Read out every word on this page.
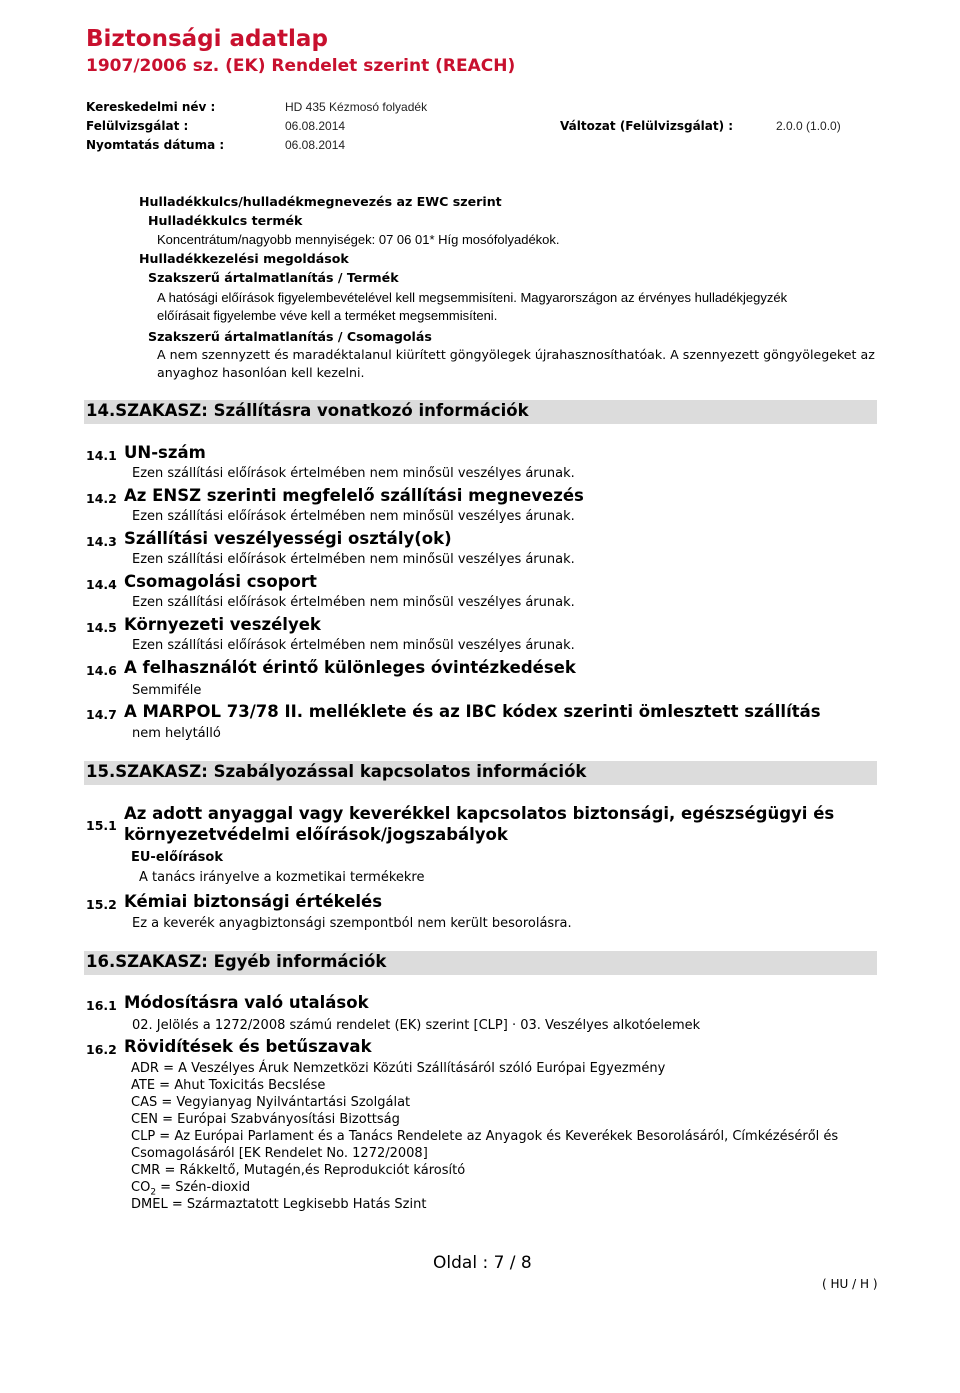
Biztonsági adatlap
1907/2006 sz. (EK) Rendelet szerint (REACH)
Kereskedelmi név :	HD 435 Kézmosó folyadék
Felülvizsgálat :	06.08.2014	Változat (Felülvizsgálat) :	2.0.0 (1.0.0)
Nyomtatás dátuma :	06.08.2014
Hulladékkulcs/hulladékmegnevezés az EWC szerint
Hulladékkulcs termék
Koncentrátum/nagyobb mennyiségek: 07 06 01* Híg mosófolyadékok.
Hulladékkezelési megoldások
Szakszerű ártalmatlanítás / Termék
A hatósági előírások figyelembevételével kell megsemmisíteni. Magyarországon az érvényes hulladékjegyzék
előírásait figyelembe véve kell a terméket megsemmisíteni.
Szakszerű ártalmatlanítás / Csomagolás
A nem szennyzett és maradéktalanul kiürített göngyölegek újrahasznosíthatóak. A szennyezett göngyölegeket az
anyaghoz hasonlóan kell kezelni.
14.SZAKASZ: Szállításra vonatkozó információk
14.1 UN-szám
Ezen szállítási előírások értelmében nem minősül veszélyes árunak.
14.2 Az ENSZ szerinti megfelelő szállítási megnevezés
Ezen szállítási előírások értelmében nem minősül veszélyes árunak.
14.3 Szállítási veszélyességi osztály(ok)
Ezen szállítási előírások értelmében nem minősül veszélyes árunak.
14.4 Csomagolási csoport
Ezen szállítási előírások értelmében nem minősül veszélyes árunak.
14.5 Környezeti veszélyek
Ezen szállítási előírások értelmében nem minősül veszélyes árunak.
14.6 A felhasználót érintő különleges óvintézkedések
Semmiféle
14.7 A MARPOL 73/78 II. melléklete és az IBC kódex szerinti ömlesztett szállítás
nem helytálló
15.SZAKASZ: Szabályozással kapcsolatos információk
15.1
Az adott anyaggal vagy keverékkel kapcsolatos biztonsági, egészségügyi és
környezetvédelmi előírások/jogszabályok
EU-előírások
A tanács irányelve a kozmetikai termékekre
15.2 Kémiai biztonsági értékelés
Ez a keverék anyagbiztonsági szempontból nem került besorolásra.
16.SZAKASZ: Egyéb információk
16.1 Módosításra való utalások
02. Jelölés a 1272/2008 számú rendelet (EK) szerint [CLP] · 03. Veszélyes alkotóelemek
16.2 Rövidítések és betűszavak
ADR = A Veszélyes Áruk Nemzetközi Közúti Szállításáról szóló Európai Egyezmény
ATE = Ahut Toxicitás Becslése
CAS = Vegyianyag Nyilvántartási Szolgálat
CEN = Európai Szabványosítási Bizottság
CLP = Az Európai Parlament és a Tanács Rendelete az Anyagok és Keverékek Besorolásáról, Címkézéséről és
Csomagolásáról [EK Rendelet No. 1272/2008]
CMR = Rákkeltő, Mutagén,és Reprodukciót károsító
$CO_2$ = Szén-dioxid
DMEL = Származtatott Legkisebb Hatás Szint
Oldal : 7 / 8
( HU / H )
